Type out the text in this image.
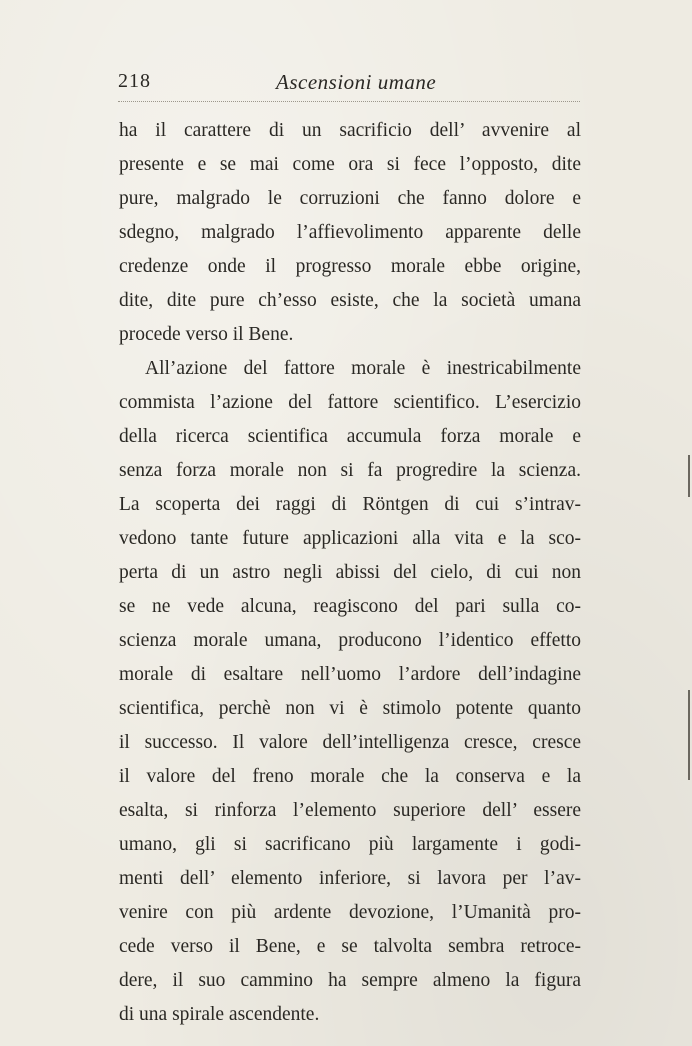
218	Ascensioni umane
ha il carattere di un sacrificio dell’ avvenire al
presente e se mai come ora si fece l’opposto, dite
pure, malgrado le corruzioni che fanno dolore e
sdegno, malgrado l’affievolimento apparente delle
credenze onde il progresso morale ebbe origine,
dite, dite pure ch’esso esiste, che la società umana
procede verso il Bene.
All’azione del fattore morale è inestricabilmente
commista l’azione del fattore scientifico. L’esercizio
della ricerca scientifica accumula forza morale e
senza forza morale non si fa progredire la scienza.
La scoperta dei raggi di Röntgen di cui s’intrav-
vedono tante future applicazioni alla vita e la sco-
perta di un astro negli abissi del cielo, di cui non
se ne vede alcuna, reagiscono del pari sulla co-
scienza morale umana, producono l’identico effetto
morale di esaltare nell’uomo l’ardore dell’indagine
scientifica, perchè non vi è stimolo potente quanto
il successo. Il valore dell’intelligenza cresce, cresce
il valore del freno morale che la conserva e la
esalta, si rinforza l’elemento superiore dell’ essere
umano, gli si sacrificano più largamente i godi-
menti dell’ elemento inferiore, si lavora per l’av-
venire con più ardente devozione, l’Umanità pro-
cede verso il Bene, e se talvolta sembra retroce-
dere, il suo cammino ha sempre almeno la figura
di una spirale ascendente.
